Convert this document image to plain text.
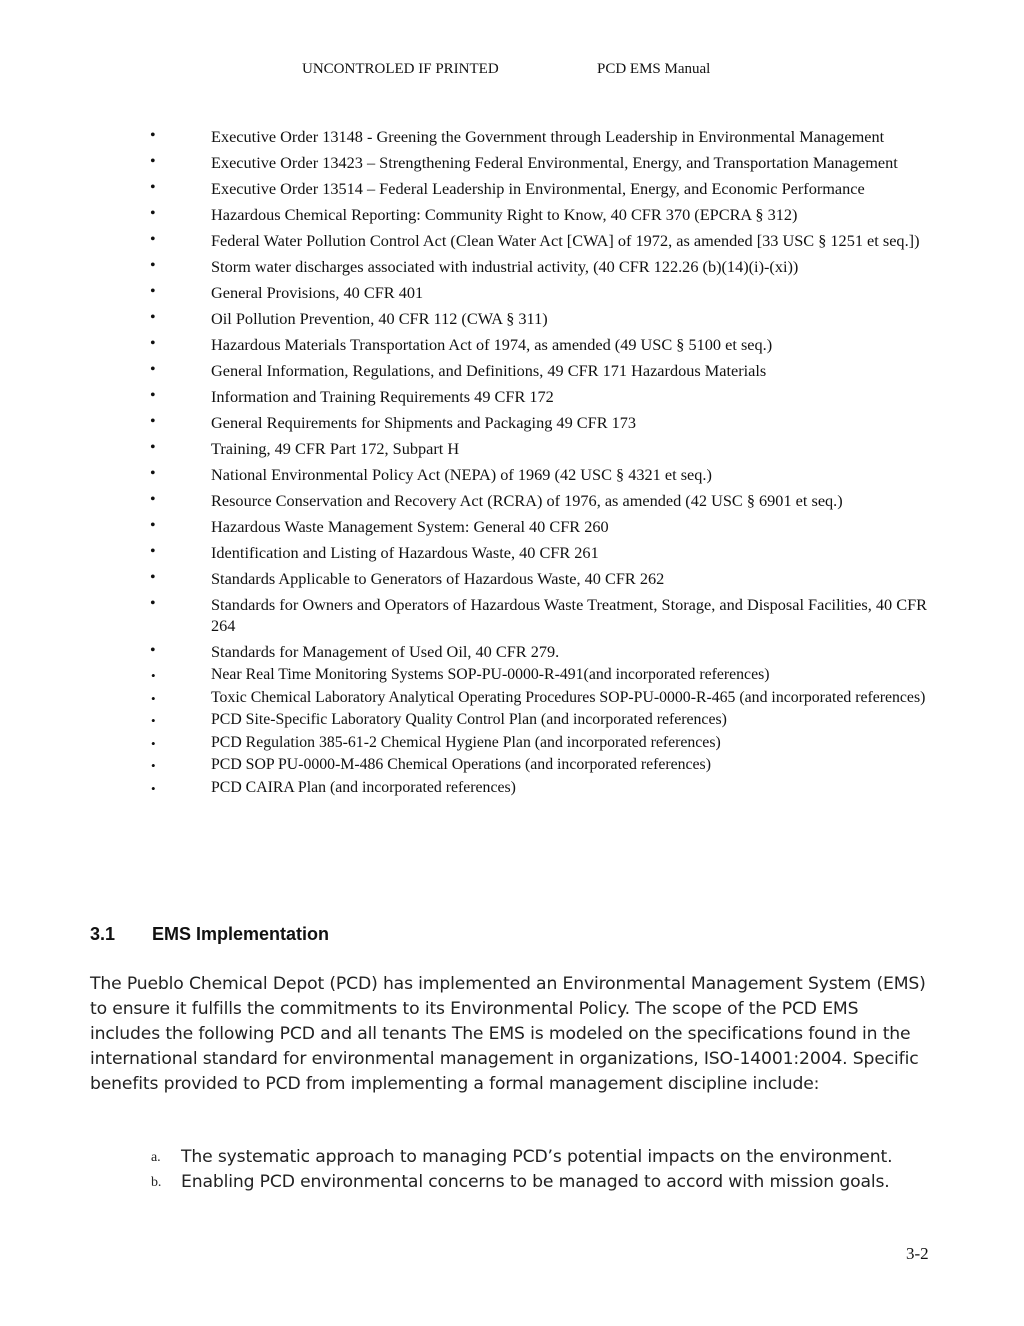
UNCONTROLED IF PRINTED	PCD EMS Manual
•	Executive Order 13148 - Greening the Government through Leadership in Environmental Management
•	Executive Order 13423 – Strengthening Federal Environmental, Energy, and Transportation Management
•	Executive Order 13514 – Federal Leadership in Environmental, Energy, and Economic Performance
•	Hazardous Chemical Reporting: Community Right to Know, 40 CFR 370 (EPCRA § 312)
•	Federal Water Pollution Control Act (Clean Water Act [CWA] of 1972, as amended [33 USC § 1251 et seq.])
•	Storm water discharges associated with industrial activity, (40 CFR 122.26 (b)(14)(i)-(xi))
•	General Provisions, 40 CFR 401
•	Oil Pollution Prevention, 40 CFR 112 (CWA § 311)
•	Hazardous Materials Transportation Act of 1974, as amended (49 USC § 5100 et seq.)
•	General Information, Regulations, and Definitions, 49 CFR 171 Hazardous Materials
•	Information and Training Requirements 49 CFR 172
•	General Requirements for Shipments and Packaging 49 CFR 173
•	Training, 49 CFR Part 172, Subpart H
•	National Environmental Policy Act (NEPA) of 1969 (42 USC § 4321 et seq.)
•	Resource Conservation and Recovery Act (RCRA) of 1976, as amended (42 USC § 6901 et seq.)
•	Hazardous Waste Management System: General 40 CFR 260
•	Identification and Listing of Hazardous Waste, 40 CFR 261
•	Standards Applicable to Generators of Hazardous Waste, 40 CFR 262
•	Standards for Owners and Operators of Hazardous Waste Treatment, Storage, and Disposal Facilities, 40 CFR 264
•	Standards for Management of Used Oil, 40 CFR 279.
•	Near Real Time Monitoring Systems SOP-PU-0000-R-491(and incorporated references)
•	Toxic Chemical Laboratory Analytical Operating Procedures SOP-PU-0000-R-465 (and incorporated references)
•	PCD Site-Specific Laboratory Quality Control Plan (and incorporated references)
•	PCD Regulation 385-61-2 Chemical Hygiene Plan (and incorporated references)
•	PCD SOP PU-0000-M-486 Chemical Operations (and incorporated references)
•	PCD CAIRA Plan (and incorporated references)
3.1 EMS Implementation
The Pueblo Chemical Depot (PCD) has implemented an Environmental Management System (EMS) to ensure it fulfills the commitments to its Environmental Policy. The scope of the PCD EMS includes the following PCD and all tenants The EMS is modeled on the specifications found in the international standard for environmental management in organizations, ISO-14001:2004. Specific benefits provided to PCD from implementing a formal management discipline include:
a. The systematic approach to managing PCD’s potential impacts on the environment.
b. Enabling PCD environmental concerns to be managed to accord with mission goals.
3-2
